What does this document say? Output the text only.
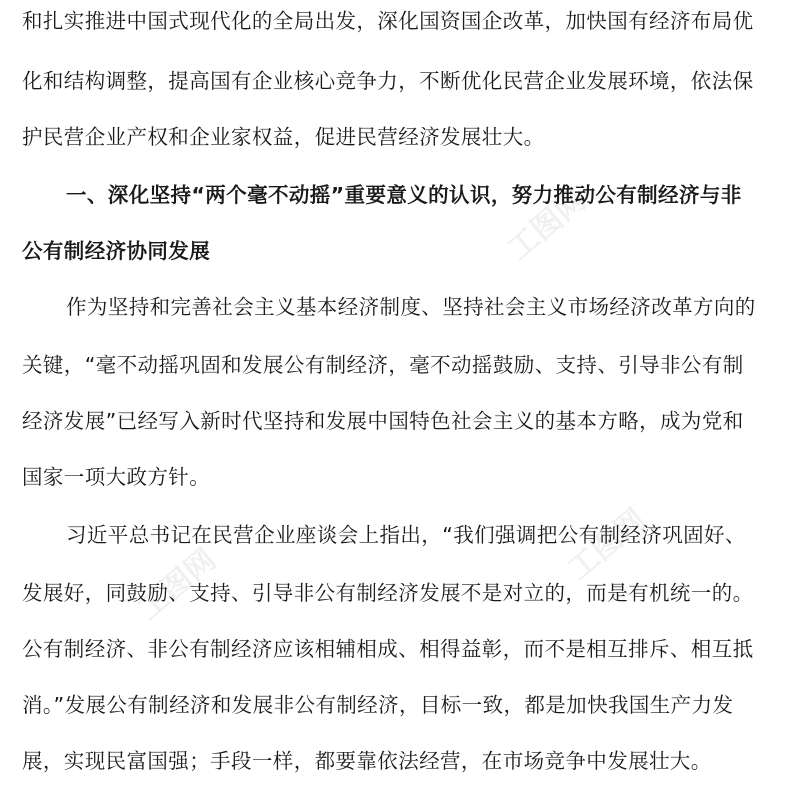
工图网
工图网	工图网
和扎实推进中国式现代化的全局出发，深化国资国企改革，加快国有经济布局优
化和结构调整，提高国有企业核心竞争力，不断优化民营企业发展环境，依法保
护民营企业产权和企业家权益，促进民营经济发展壮大。
一、深化坚持“两个毫不动摇”重要意义的认识，努力推动公有制经济与非
公有制经济协同发展
作为坚持和完善社会主义基本经济制度、坚持社会主义市场经济改革方向的
关键，“毫不动摇巩固和发展公有制经济，毫不动摇鼓励、支持、引导非公有制
经济发展”已经写入新时代坚持和发展中国特色社会主义的基本方略，成为党和
国家一项大政方针。
习近平总书记在民营企业座谈会上指出，“我们强调把公有制经济巩固好、
发展好，同鼓励、支持、引导非公有制经济发展不是对立的，而是有机统一的。
公有制经济、非公有制经济应该相辅相成、相得益彰，而不是相互排斥、相互抵
消。”发展公有制经济和发展非公有制经济，目标一致，都是加快我国生产力发
展，实现民富国强；手段一样，都要靠依法经营，在市场竞争中发展壮大。
